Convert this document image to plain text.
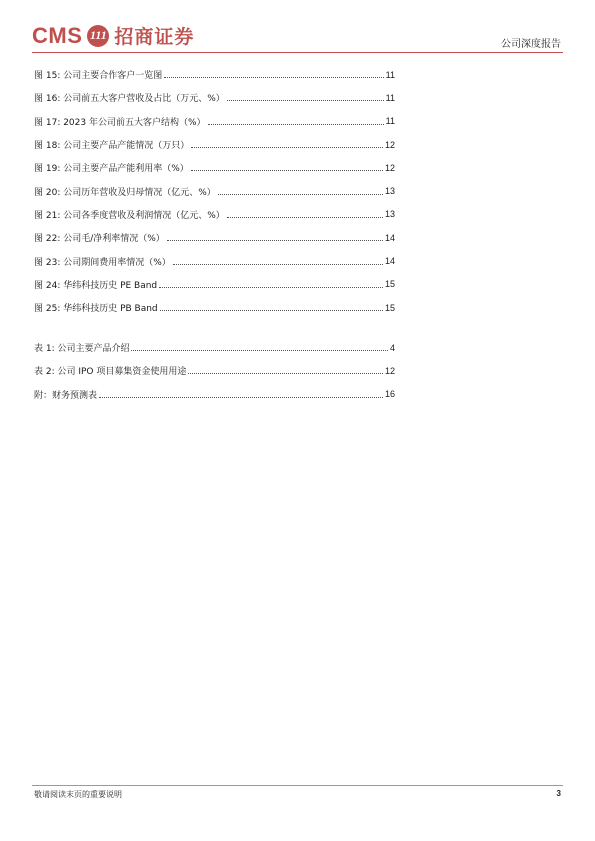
CMS 111 招商证券	公司深度报告
图 15: 公司主要合作客户一览图	11
图 16: 公司前五大客户营收及占比（万元、%）	11
图 17: 2023 年公司前五大客户结构（%）	11
图 18: 公司主要产品产能情况（万只）	12
图 19: 公司主要产品产能利用率（%）	12
图 20: 公司历年营收及归母情况（亿元、%）	13
图 21: 公司各季度营收及利润情况（亿元、%）	13
图 22: 公司毛/净利率情况（%）	14
图 23: 公司期间费用率情况（%）	14
图 24: 华纬科技历史 PE Band	15
图 25: 华纬科技历史 PB Band	15
表 1: 公司主要产品介绍	4
表 2: 公司 IPO 项目募集资金使用用途	12
附：财务预测表	16
敬请阅读末页的重要说明	3
